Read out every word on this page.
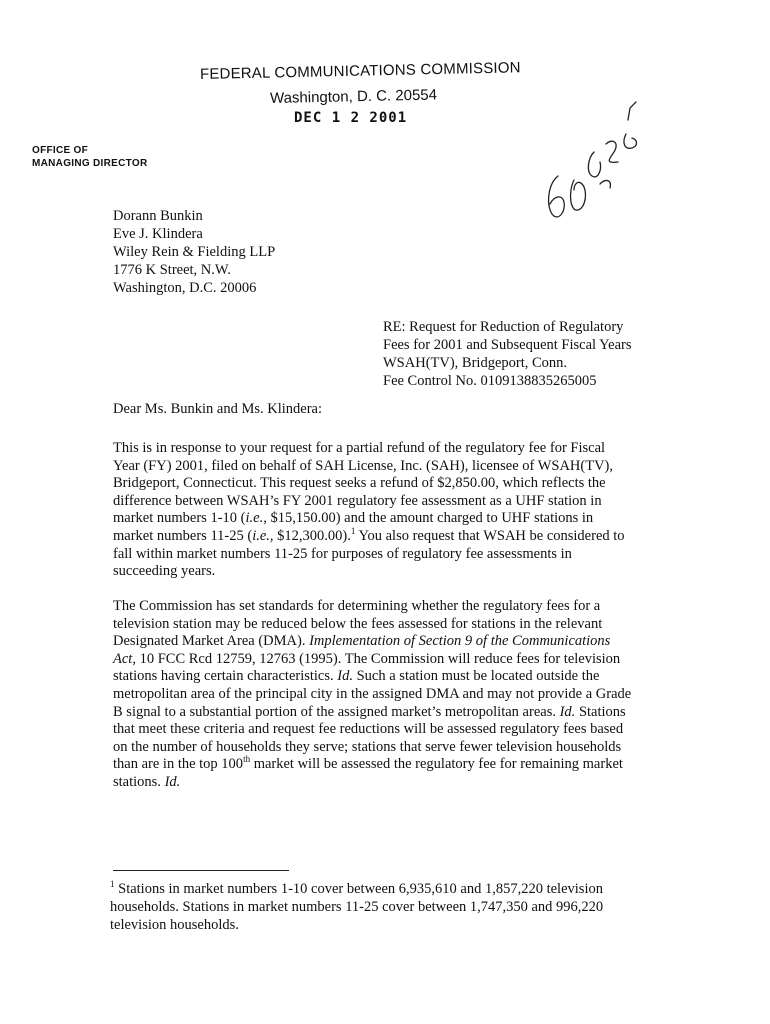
FEDERAL COMMUNICATIONS COMMISSION
Washington, D. C. 20554
DEC 1 2 2001
OFFICE OF
MANAGING DIRECTOR
Dorann Bunkin
Eve J. Klindera
Wiley Rein & Fielding LLP
1776 K Street, N.W.
Washington, D.C. 20006
RE: Request for Reduction of Regulatory
Fees for 2001 and Subsequent Fiscal Years
WSAH(TV), Bridgeport, Conn.
Fee Control No. 0109138835265005
Dear Ms. Bunkin and Ms. Klindera:
This is in response to your request for a partial refund of the regulatory fee for Fiscal
Year (FY) 2001, filed on behalf of SAH License, Inc. (SAH), licensee of WSAH(TV),
Bridgeport, Connecticut. This request seeks a refund of $2,850.00, which reflects the
difference between WSAH’s FY 2001 regulatory fee assessment as a UHF station in
market numbers 1-10 (i.e., $15,150.00) and the amount charged to UHF stations in
market numbers 11-25 (i.e., $12,300.00).$^1$ You also request that WSAH be considered to
fall within market numbers 11-25 for purposes of regulatory fee assessments in
succeeding years.
The Commission has set standards for determining whether the regulatory fees for a
television station may be reduced below the fees assessed for stations in the relevant
Designated Market Area (DMA). Implementation of Section 9 of the Communications
Act, 10 FCC Rcd 12759, 12763 (1995). The Commission will reduce fees for television
stations having certain characteristics. Id. Such a station must be located outside the
metropolitan area of the principal city in the assigned DMA and may not provide a Grade
B signal to a substantial portion of the assigned market’s metropolitan areas. Id. Stations
that meet these criteria and request fee reductions will be assessed regulatory fees based
on the number of households they serve; stations that serve fewer television households
than are in the top 100th market will be assessed the regulatory fee for remaining market
stations. Id.
$^1$ Stations in market numbers 1-10 cover between 6,935,610 and 1,857,220 television
households. Stations in market numbers 11-25 cover between 1,747,350 and 996,220
television households.
